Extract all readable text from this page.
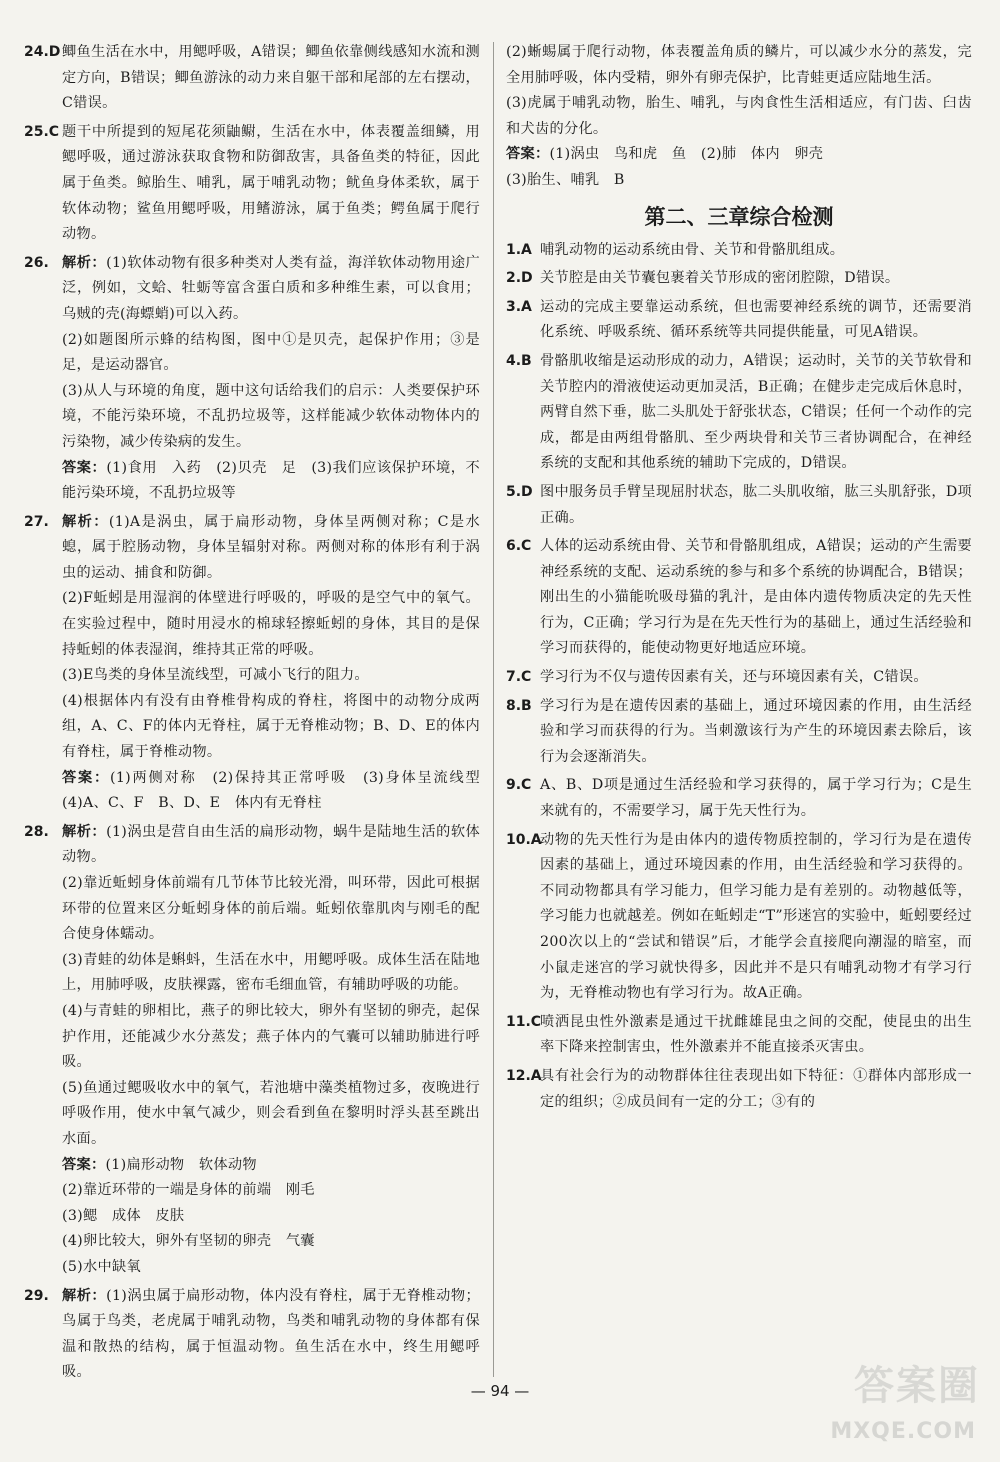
24.D 鲫鱼生活在水中，用鳃呼吸，A错误；鲫鱼依靠侧线感知水流和测定方向，B错误；鲫鱼游泳的动力来自躯干部和尾部的左右摆动，C错误。

25.C 题干中所提到的短尾花须鼬鳚，生活在水中，体表覆盖细鳞，用鳃呼吸，通过游泳获取食物和防御敌害，具备鱼类的特征，因此属于鱼类。鲸胎生、哺乳，属于哺乳动物；鱿鱼身体柔软，属于软体动物；鲨鱼用鳃呼吸，用鳍游泳，属于鱼类；鳄鱼属于爬行动物。

26. 解析：(1)软体动物有很多种类对人类有益，海洋软体动物用途广泛，例如，文蛤、牡蛎等富含蛋白质和多种维生素，可以食用；乌贼的壳(海螵蛸)可以入药。

(2)如题图所示蜂的结构图，图中①是贝壳，起保护作用；③是足，是运动器官。

(3)从人与环境的角度，题中这句话给我们的启示：人类要保护环境，不能污染环境，不乱扔垃圾等，这样能减少软体动物体内的污染物，减少传染病的发生。

答案：(1)食用　入药　(2)贝壳　足　(3)我们应该保护环境，不能污染环境，不乱扔垃圾等

27. 解析：(1)A是涡虫，属于扁形动物，身体呈两侧对称；C是水螅，属于腔肠动物，身体呈辐射对称。两侧对称的体形有利于涡虫的运动、捕食和防御。

(2)F蚯蚓是用湿润的体壁进行呼吸的，呼吸的是空气中的氧气。在实验过程中，随时用浸水的棉球轻擦蚯蚓的身体，其目的是保持蚯蚓的体表湿润，维持其正常的呼吸。

(3)E鸟类的身体呈流线型，可减小飞行的阻力。

(4)根据体内有没有由脊椎骨构成的脊柱，将图中的动物分成两组，A、C、F的体内无脊柱，属于无脊椎动物；B、D、E的体内有脊柱，属于脊椎动物。

答案：(1)两侧对称　(2)保持其正常呼吸　(3)身体呈流线型　(4)A、C、F　B、D、E　体内有无脊柱

28. 解析：(1)涡虫是营自由生活的扁形动物，蜗牛是陆地生活的软体动物。

(2)靠近蚯蚓身体前端有几节体节比较光滑，叫环带，因此可根据环带的位置来区分蚯蚓身体的前后端。蚯蚓依靠肌肉与刚毛的配合使身体蠕动。

(3)青蛙的幼体是蝌蚪，生活在水中，用鳃呼吸。成体生活在陆地上，用肺呼吸，皮肤裸露，密布毛细血管，有辅助呼吸的功能。

(4)与青蛙的卵相比，燕子的卵比较大，卵外有坚韧的卵壳，起保护作用，还能减少水分蒸发；燕子体内的气囊可以辅助肺进行呼吸。

(5)鱼通过鳃吸收水中的氧气，若池塘中藻类植物过多，夜晚进行呼吸作用，使水中氧气减少，则会看到鱼在黎明时浮头甚至跳出水面。

答案：(1)扁形动物　软体动物

(2)靠近环带的一端是身体的前端　刚毛

(3)鳃　成体　皮肤

(4)卵比较大，卵外有坚韧的卵壳　气囊

(5)水中缺氧

29. 解析：(1)涡虫属于扁形动物，体内没有脊柱，属于无脊椎动物；鸟属于鸟类，老虎属于哺乳动物，鸟类和哺乳动物的身体都有保温和散热的结构，属于恒温动物。鱼生活在水中，终生用鳃呼吸。

(2)蜥蜴属于爬行动物，体表覆盖角质的鳞片，可以减少水分的蒸发，完全用肺呼吸，体内受精，卵外有卵壳保护，比青蛙更适应陆地生活。

(3)虎属于哺乳动物，胎生、哺乳，与肉食性生活相适应，有门齿、臼齿和犬齿的分化。

答案：(1)涡虫　鸟和虎　鱼　(2)肺　体内　卵壳

(3)胎生、哺乳　B

第二、三章综合检测
1.A 哺乳动物的运动系统由骨、关节和骨骼肌组成。

2.D 关节腔是由关节囊包裹着关节形成的密闭腔隙，D错误。

3.A 运动的完成主要靠运动系统，但也需要神经系统的调节，还需要消化系统、呼吸系统、循环系统等共同提供能量，可见A错误。

4.B 骨骼肌收缩是运动形成的动力，A错误；运动时，关节的关节软骨和关节腔内的滑液使运动更加灵活，B正确；在健步走完成后休息时，两臂自然下垂，肱二头肌处于舒张状态，C错误；任何一个动作的完成，都是由两组骨骼肌、至少两块骨和关节三者协调配合，在神经系统的支配和其他系统的辅助下完成的，D错误。

5.D 图中服务员手臂呈现屈肘状态，肱二头肌收缩，肱三头肌舒张，D项正确。

6.C 人体的运动系统由骨、关节和骨骼肌组成，A错误；运动的产生需要神经系统的支配、运动系统的参与和多个系统的协调配合，B错误；刚出生的小猫能吮吸母猫的乳汁，是由体内遗传物质决定的先天性行为，C正确；学习行为是在先天性行为的基础上，通过生活经验和学习而获得的，能使动物更好地适应环境。

7.C 学习行为不仅与遗传因素有关，还与环境因素有关，C错误。

8.B 学习行为是在遗传因素的基础上，通过环境因素的作用，由生活经验和学习而获得的行为。当刺激该行为产生的环境因素去除后，该行为会逐渐消失。

9.C A、B、D项是通过生活经验和学习获得的，属于学习行为；C是生来就有的，不需要学习，属于先天性行为。

10.A

动物的先天性行为是由体内的遗传物质控制的，学习行为是在遗传因素的基础上，通过环境因素的作用，由生活经验和学习获得的。不同动物都具有学习能力，但学习能力是有差别的。动物越低等，学习能力也就越差。例如在蚯蚓走“T”形迷宫的实验中，蚯蚓要经过200次以上的“尝试和错误”后，才能学会直接爬向潮湿的暗室，而小鼠走迷宫的学习就快得多，因此并不是只有哺乳动物才有学习行为，无脊椎动物也有学习行为。故A正确。

11.C

喷洒昆虫性外激素是通过干扰雌雄昆虫之间的交配，使昆虫的出生率下降来控制害虫，性外激素并不能直接杀灭害虫。

12.A

具有社会行为的动物群体往往表现出如下特征：①群体内部形成一定的组织；②成员间有一定的分工；③有的

— 94 —	答案圈
MXQE.COM
